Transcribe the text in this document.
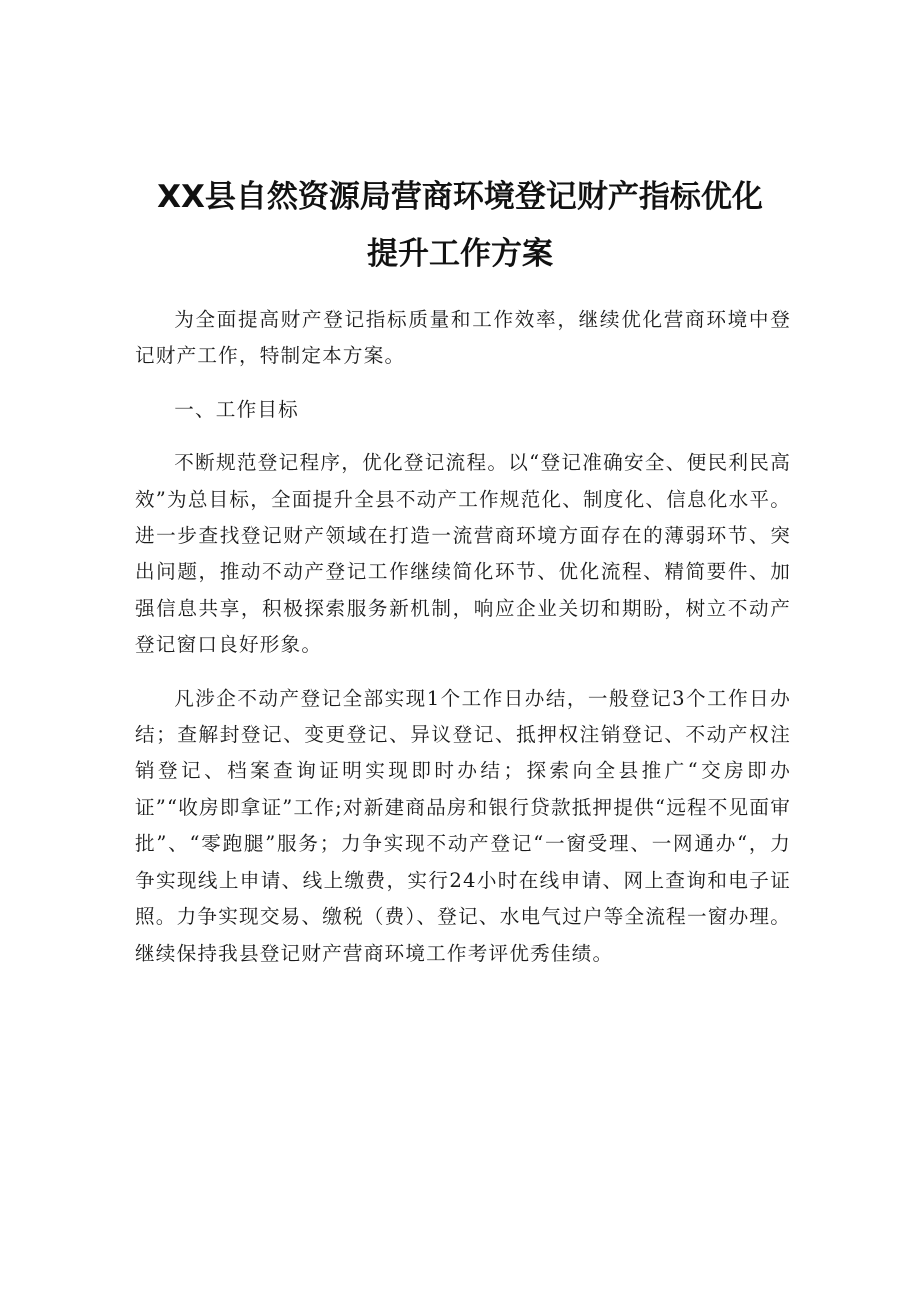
XX县自然资源局营商环境登记财产指标优化
提升工作方案

为全面提高财产登记指标质量和工作效率，继续优化营商环境中登记财产工作，特制定本方案。

一、工作目标

不断规范登记程序，优化登记流程。以“登记准确安全、便民利民高效”为总目标，全面提升全县不动产工作规范化、制度化、信息化水平。进一步查找登记财产领域在打造一流营商环境方面存在的薄弱环节、突出问题，推动不动产登记工作继续简化环节、优化流程、精简要件、加强信息共享，积极探索服务新机制，响应企业关切和期盼，树立不动产登记窗口良好形象。

凡涉企不动产登记全部实现1个工作日办结，一般登记3个工作日办结；查解封登记、变更登记、异议登记、抵押权注销登记、不动产权注销登记、档案查询证明实现即时办结；探索向全县推广“交房即办证”“收房即拿证”工作;对新建商品房和银行贷款抵押提供“远程不见面审批”、“零跑腿”服务；力争实现不动产登记“一窗受理、一网通办“，力争实现线上申请、线上缴费，实行24小时在线申请、网上查询和电子证照。力争实现交易、缴税（费）、登记、水电气过户等全流程一窗办理。继续保持我县登记财产营商环境工作考评优秀佳绩。
